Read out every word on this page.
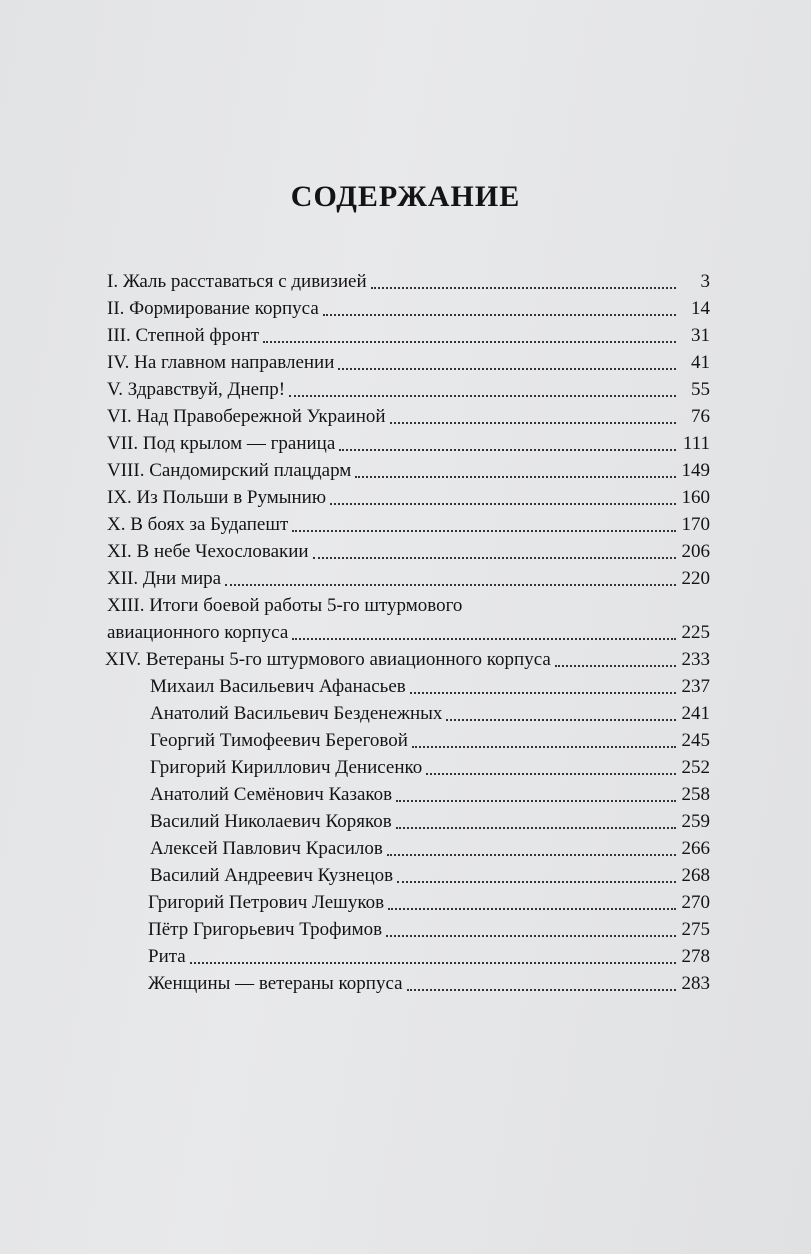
СОДЕРЖАНИЕ
I. Жаль расставаться с дивизией	3
II. Формирование корпуса	14
III. Степной фронт	31
IV. На главном направлении	41
V. Здравствуй, Днепр!	55
VI. Над Правобережной Украиной	76
VII. Под крылом — граница	111
VIII. Сандомирский плацдарм	149
IX. Из Польши в Румынию	160
X. В боях за Будапешт	170
XI. В небе Чехословакии	206
XII. Дни мира	220
XIII. Итоги боевой работы 5-го штурмового
авиационного корпуса	225
XIV. Ветераны 5-го штурмового авиационного корпуса	233
Михаил Васильевич Афанасьев	237
Анатолий Васильевич Безденежных	241
Георгий Тимофеевич Береговой	245
Григорий Кириллович Денисенко	252
Анатолий Семёнович Казаков	258
Василий Николаевич Коряков	259
Алексей Павлович Красилов	266
Василий Андреевич Кузнецов	268
Григорий Петрович Лешуков	270
Пётр Григорьевич Трофимов	275
Рита	278
Женщины — ветераны корпуса	283
